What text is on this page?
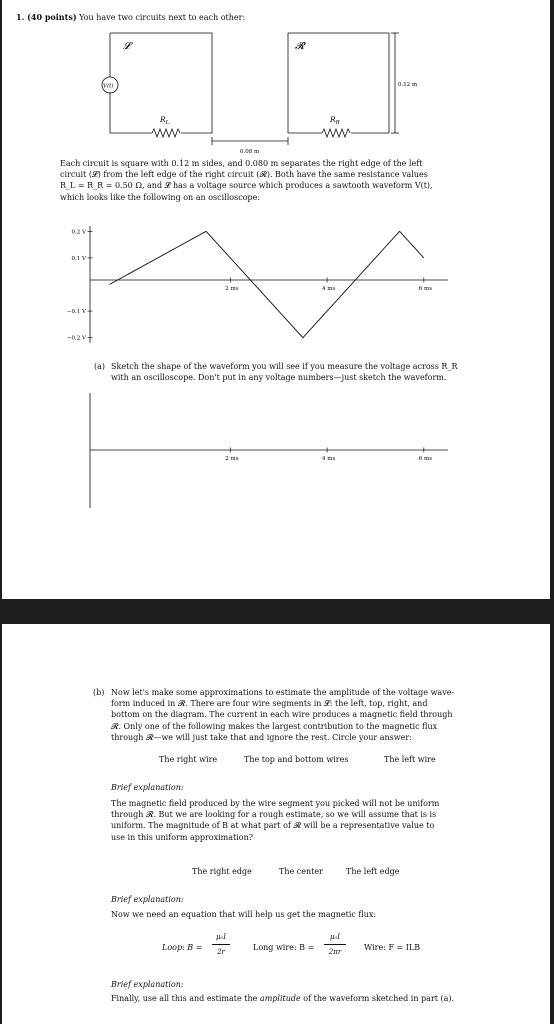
1. (40 points) You have two circuits next to each other:
𝓛	𝓡
V(t)
$R_L$	$R_R$
0.08 m
0.12 m
Each circuit is square with 0.12 m sides, and 0.080 m separates the right edge of the left
circuit (𝓛) from the left edge of the right circuit (𝓡). Both have the same resistance values
R_L = R_R = 0.50 Ω, and 𝓛 has a voltage source which produces a sawtooth waveform V(t),
which looks like the following on an oscilloscope:
2 ms	4 ms	6 ms
0.2 V
0.1 V
−0.1 V
−0.2 V
2 ms	4 ms	6 ms
(a) Sketch the shape of the waveform you will see if you measure the voltage across R_R
with an oscilloscope. Don't put in any voltage numbers—just sketch the waveform.
(b) Now let's make some approximations to estimate the amplitude of the voltage wave-
form induced in 𝓡. There are four wire segments in 𝓛: the left, top, right, and
bottom on the diagram. The current in each wire produces a magnetic field through
𝓡. Only one of the following makes the largest contribution to the magnetic flux
through 𝓡—we will just take that and ignore the rest. Circle your answer:
The right wire	The top and bottom wires	The left wire
Brief explanation:
The magnetic field produced by the wire segment you picked will not be uniform
through 𝓡. But we are looking for a rough estimate, so we will assume that is is
uniform. The magnitude of B at what part of 𝓡 will be a representative value to
use in this uniform approximation?
The right edge	The center	The left edge
Brief explanation:
Now we need an equation that will help us get the magnetic flux:
Loop: B =
μ₀I
2r	Long wire: B =
μ₀I
2πr	Wire: F = ILB
Brief explanation:
Finally, use all this and estimate the amplitude of the waveform sketched in part (a).
